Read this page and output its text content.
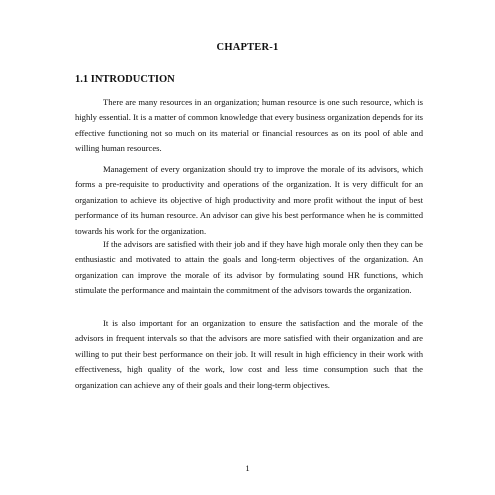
CHAPTER-1
1.1 INTRODUCTION

There are many resources in an organization; human resource is one such resource, which is highly essential. It is a matter of common knowledge that every business organization depends for its effective functioning not so much on its material or financial resources as on its pool of able and willing human resources.

Management of every organization should try to improve the morale of its advisors, which forms a pre-requisite to productivity and operations of the organization. It is very difficult for an organization to achieve its objective of high productivity and more profit without the input of best performance of its human resource. An advisor can give his best performance when he is committed towards his work for the organization.

If the advisors are satisfied with their job and if they have high morale only then they can be enthusiastic and motivated to attain the goals and long-term objectives of the organization. An organization can improve the morale of its advisor by formulating sound HR functions, which stimulate the performance and maintain the commitment of the advisors towards the organization.

It is also important for an organization to ensure the satisfaction and the morale of the advisors in frequent intervals so that the advisors are more satisfied with their organization and are willing to put their best performance on their job. It will result in high efficiency in their work with effectiveness, high quality of the work, low cost and less time consumption such that the organization can achieve any of their goals and their long-term objectives.

1
